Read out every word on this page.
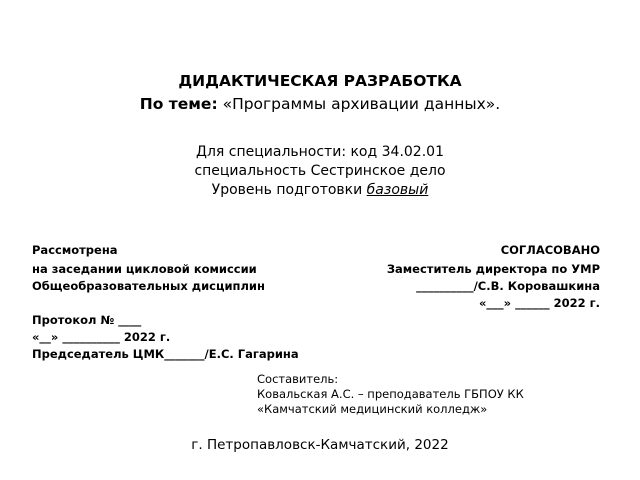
ДИДАКТИЧЕСКАЯ РАЗРАБОТКА
По теме: «Программы архивации данных».
Для специальности: код 34.02.01
специальность Сестринское дело
Уровень подготовки базовый
Рассмотрена
на заседании цикловой комиссии
Общеобразовательных дисциплин
Протокол № ____
«__» __________ 2022 г.
Председатель ЦМК_______/Е.С. Гагарина
СОГЛАСОВАНО
Заместитель директора по УМР
__________/С.В. Коровашкина
«___» ______ 2022 г.
Составитель:
Ковальская А.С. – преподаватель ГБПОУ КК
«Камчатский медицинский колледж»
г. Петропавловск-Камчатский, 2022
